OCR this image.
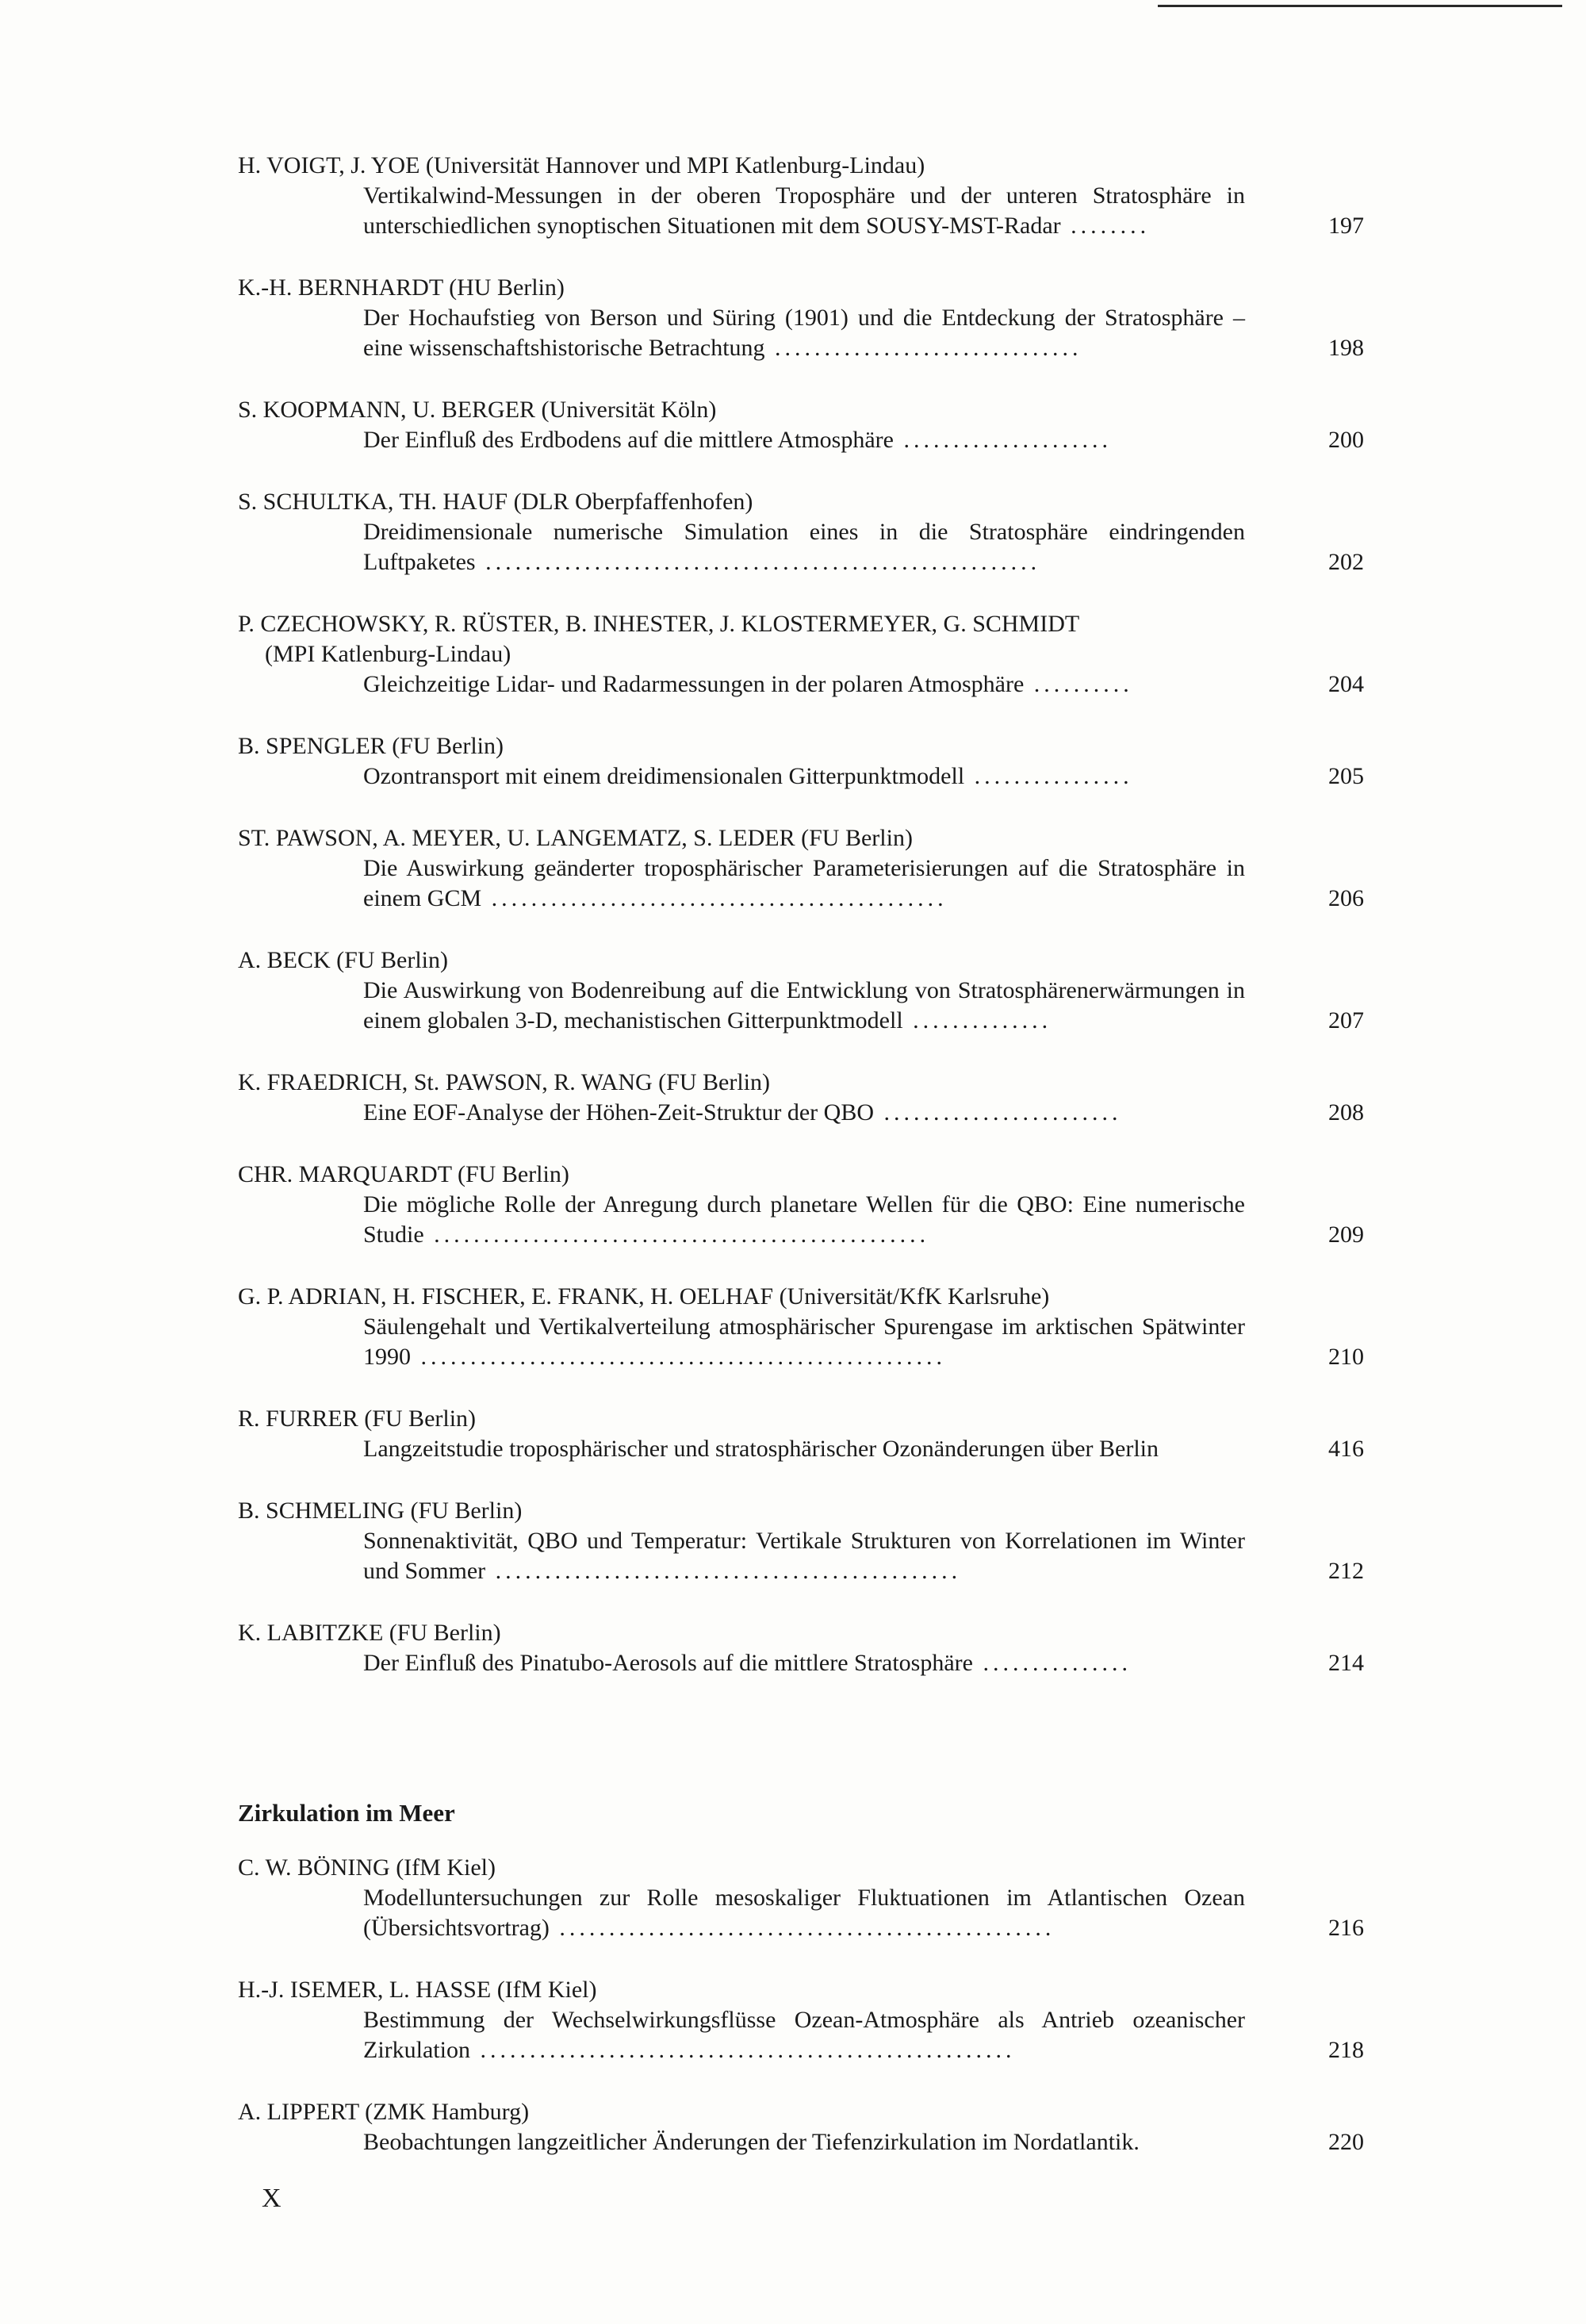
H. VOIGT, J. YOE (Universität Hannover und MPI Katlenburg-Lindau)
Vertikalwind-Messungen in der oberen Troposphäre und der unteren Stratosphäre in unterschiedlichen synoptischen Situationen mit dem SOUSY-MST-Radar ........	197
K.-H. BERNHARDT (HU Berlin)
Der Hochaufstieg von Berson und Süring (1901) und die Entdeckung der Stratosphäre – eine wissenschaftshistorische Betrachtung ...............................	198
S. KOOPMANN, U. BERGER (Universität Köln)
Der Einfluß des Erdbodens auf die mittlere Atmosphäre .....................	200
S. SCHULTKA, TH. HAUF (DLR Oberpfaffenhofen)
Dreidimensionale numerische Simulation eines in die Stratosphäre eindringenden Luftpaketes ........................................................	202
P. CZECHOWSKY, R. RÜSTER, B. INHESTER, J. KLOSTERMEYER, G. SCHMIDT
(MPI Katlenburg-Lindau)
Gleichzeitige Lidar- und Radarmessungen in der polaren Atmosphäre ..........	204
B. SPENGLER (FU Berlin)
Ozontransport mit einem dreidimensionalen Gitterpunktmodell ................	205
ST. PAWSON, A. MEYER, U. LANGEMATZ, S. LEDER (FU Berlin)
Die Auswirkung geänderter troposphärischer Parameterisierungen auf die Stratosphäre in einem GCM ..............................................	206
A. BECK (FU Berlin)
Die Auswirkung von Bodenreibung auf die Entwicklung von Stratosphärenerwärmungen in einem globalen 3-D, mechanistischen Gitterpunktmodell ..............	207
K. FRAEDRICH, St. PAWSON, R. WANG (FU Berlin)
Eine EOF-Analyse der Höhen-Zeit-Struktur der QBO ........................	208
CHR. MARQUARDT (FU Berlin)
Die mögliche Rolle der Anregung durch planetare Wellen für die QBO: Eine numerische Studie ..................................................	209
G. P. ADRIAN, H. FISCHER, E. FRANK, H. OELHAF (Universität/KfK Karlsruhe)
Säulengehalt und Vertikalverteilung atmosphärischer Spurengase im arktischen Spätwinter 1990 .....................................................	210
R. FURRER (FU Berlin)
Langzeitstudie troposphärischer und stratosphärischer Ozonänderungen über Berlin	416
B. SCHMELING (FU Berlin)
Sonnenaktivität, QBO und Temperatur: Vertikale Strukturen von Korrelationen im Winter und Sommer ...............................................	212
K. LABITZKE (FU Berlin)
Der Einfluß des Pinatubo-Aerosols auf die mittlere Stratosphäre ...............	214
Zirkulation im Meer
C. W. BÖNING (IfM Kiel)
Modelluntersuchungen zur Rolle mesoskaliger Fluktuationen im Atlantischen Ozean (Übersichtsvortrag) ..................................................	216
H.-J. ISEMER, L. HASSE (IfM Kiel)
Bestimmung der Wechselwirkungsflüsse Ozean-Atmosphäre als Antrieb ozeanischer Zirkulation ......................................................	218
A. LIPPERT (ZMK Hamburg)
Beobachtungen langzeitlicher Änderungen der Tiefenzirkulation im Nordatlantik.	220
X
